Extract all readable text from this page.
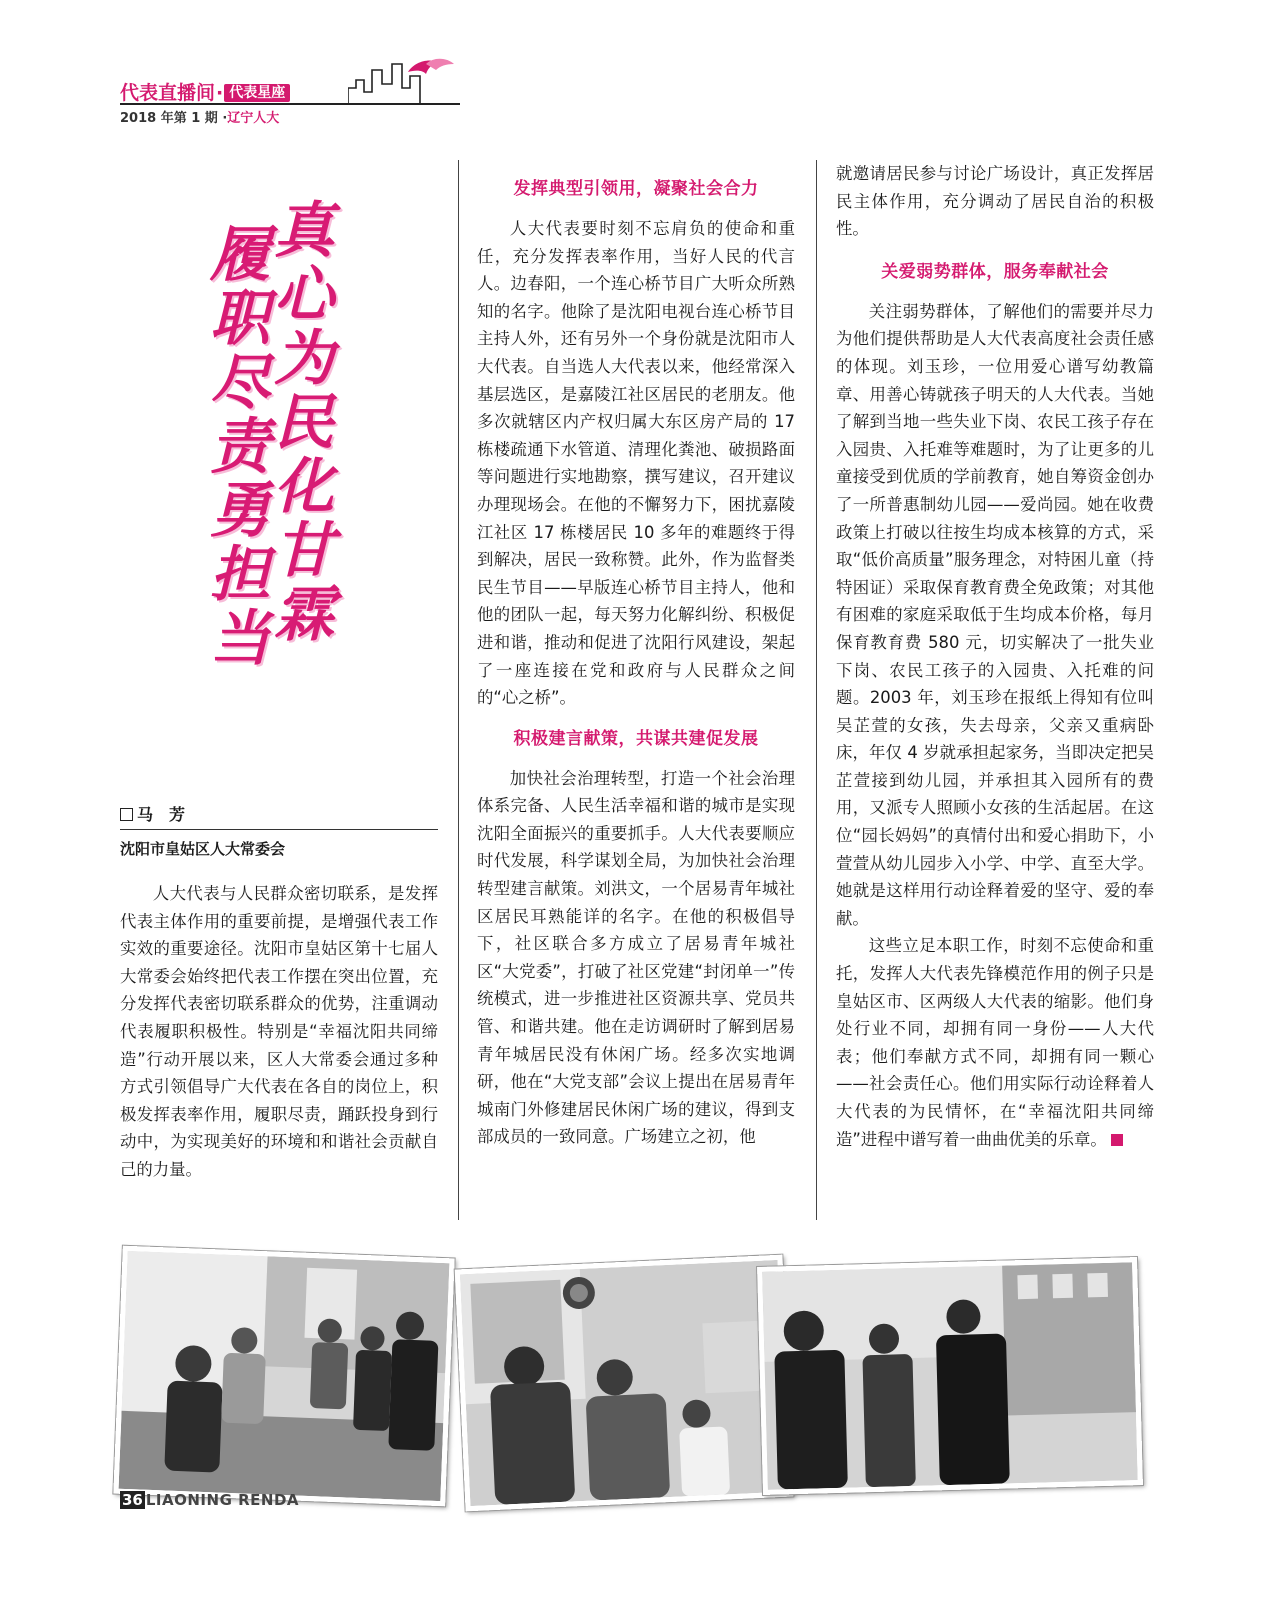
代表直播间· 代表星座
2018 年第 1 期 ·辽宁人大
真心为民化甘霖
履职尽责勇担当
马　芳
沈阳市皇姑区人大常委会

人大代表与人民群众密切联系，是发挥代表主体作用的重要前提，是增强代表工作实效的重要途径。沈阳市皇姑区第十七届人大常委会始终把代表工作摆在突出位置，充分发挥代表密切联系群众的优势，注重调动代表履职积极性。特别是“幸福沈阳共同缔造”行动开展以来，区人大常委会通过多种方式引领倡导广大代表在各自的岗位上，积极发挥表率作用，履职尽责，踊跃投身到行动中，为实现美好的环境和和谐社会贡献自己的力量。

发挥典型引领用，凝聚社会合力

人大代表要时刻不忘肩负的使命和重任，充分发挥表率作用，当好人民的代言人。边春阳，一个连心桥节目广大听众所熟知的名字。他除了是沈阳电视台连心桥节目主持人外，还有另外一个身份就是沈阳市人大代表。自当选人大代表以来，他经常深入基层选区，是嘉陵江社区居民的老朋友。他多次就辖区内产权归属大东区房产局的 17 栋楼疏通下水管道、清理化粪池、破损路面等问题进行实地勘察，撰写建议，召开建议办理现场会。在他的不懈努力下，困扰嘉陵江社区 17 栋楼居民 10 多年的难题终于得到解决，居民一致称赞。此外，作为监督类民生节目——早版连心桥节目主持人，他和他的团队一起，每天努力化解纠纷、积极促进和谐，推动和促进了沈阳行风建设，架起了一座连接在党和政府与人民群众之间的“心之桥”。

积极建言献策，共谋共建促发展

加快社会治理转型，打造一个社会治理体系完备、人民生活幸福和谐的城市是实现沈阳全面振兴的重要抓手。人大代表要顺应时代发展，科学谋划全局，为加快社会治理转型建言献策。刘洪文，一个居易青年城社区居民耳熟能详的名字。在他的积极倡导下，社区联合多方成立了居易青年城社区“大党委”，打破了社区党建“封闭单一”传统模式，进一步推进社区资源共享、党员共管、和谐共建。他在走访调研时了解到居易青年城居民没有休闲广场。经多次实地调研，他在“大党支部”会议上提出在居易青年城南门外修建居民休闲广场的建议，得到支部成员的一致同意。广场建立之初，他

就邀请居民参与讨论广场设计，真正发挥居民主体作用，充分调动了居民自治的积极性。

关爱弱势群体，服务奉献社会

关注弱势群体，了解他们的需要并尽力为他们提供帮助是人大代表高度社会责任感的体现。刘玉珍，一位用爱心谱写幼教篇章、用善心铸就孩子明天的人大代表。当她了解到当地一些失业下岗、农民工孩子存在入园贵、入托难等难题时，为了让更多的儿童接受到优质的学前教育，她自筹资金创办了一所普惠制幼儿园——爱尚园。她在收费政策上打破以往按生均成本核算的方式，采取“低价高质量”服务理念，对特困儿童（持特困证）采取保育教育费全免政策；对其他有困难的家庭采取低于生均成本价格，每月保育教育费 580 元，切实解决了一批失业下岗、农民工孩子的入园贵、入托难的问题。2003 年，刘玉珍在报纸上得知有位叫吴芷萱的女孩，失去母亲，父亲又重病卧床，年仅 4 岁就承担起家务，当即决定把吴芷萱接到幼儿园，并承担其入园所有的费用，又派专人照顾小女孩的生活起居。在这位“园长妈妈”的真情付出和爱心捐助下，小萱萱从幼儿园步入小学、中学、直至大学。她就是这样用行动诠释着爱的坚守、爱的奉献。

这些立足本职工作，时刻不忘使命和重托，发挥人大代表先锋模范作用的例子只是皇姑区市、区两级人大代表的缩影。他们身处行业不同，却拥有同一身份——人大代表；他们奉献方式不同，却拥有同一颗心——社会责任心。他们用实际行动诠释着人大代表的为民情怀，在“幸福沈阳共同缔造”进程中谱写着一曲曲优美的乐章。

36 LIAONING RENDA
